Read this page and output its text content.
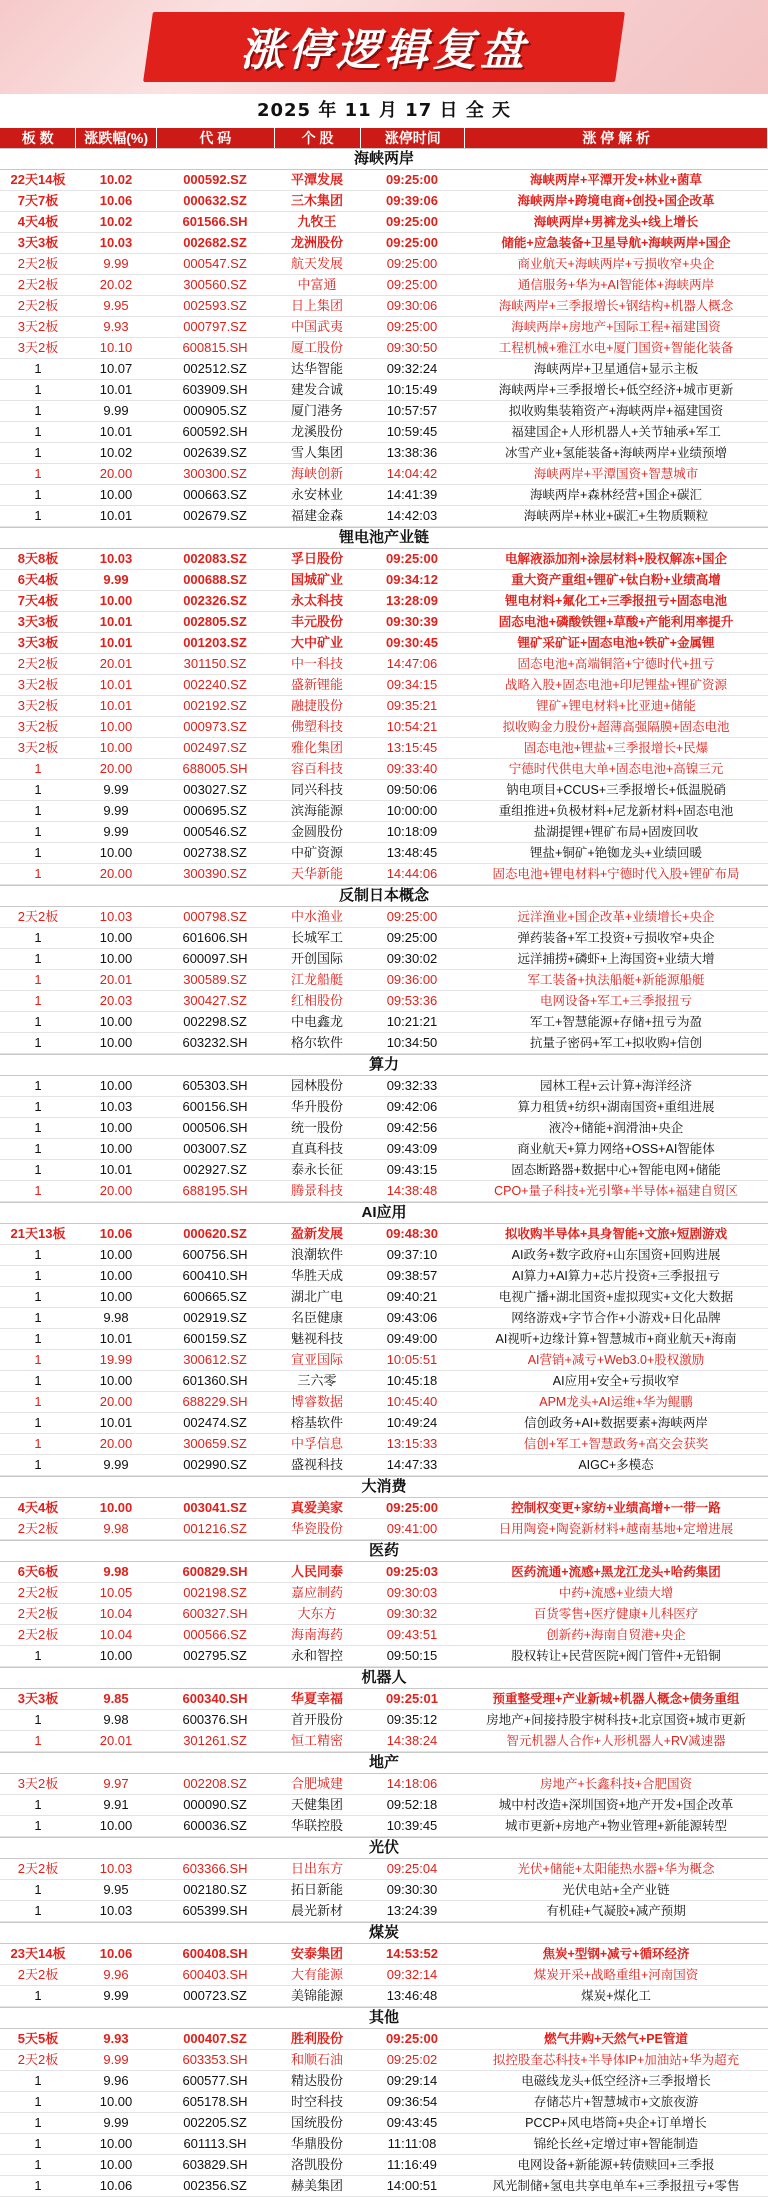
涨停逻辑复盘
2025 年 11 月 17 日 全 天
板 数	涨跌幅(%)	代 码	个 股	涨停时间	涨 停 解 析
海峡两岸
22天14板	10.02	000592.SZ	平潭发展	09:25:00	海峡两岸+平潭开发+林业+菌草
7天7板	10.06	000632.SZ	三木集团	09:39:06	海峡两岸+跨境电商+创投+国企改革
4天4板	10.02	601566.SH	九牧王	09:25:00	海峡两岸+男裤龙头+线上增长
3天3板	10.03	002682.SZ	龙洲股份	09:25:00	储能+应急装备+卫星导航+海峡两岸+国企
2天2板	9.99	000547.SZ	航天发展	09:25:00	商业航天+海峡两岸+亏损收窄+央企
2天2板	20.02	300560.SZ	中富通	09:25:00	通信服务+华为+AI智能体+海峡两岸
2天2板	9.95	002593.SZ	日上集团	09:30:06	海峡两岸+三季报增长+钢结构+机器人概念
3天2板	9.93	000797.SZ	中国武夷	09:25:00	海峡两岸+房地产+国际工程+福建国资
3天2板	10.10	600815.SH	厦工股份	09:30:50	工程机械+雅江水电+厦门国资+智能化装备
1	10.07	002512.SZ	达华智能	09:32:24	海峡两岸+卫星通信+显示主板
1	10.01	603909.SH	建发合诚	10:15:49	海峡两岸+三季报增长+低空经济+城市更新
1	9.99	000905.SZ	厦门港务	10:57:57	拟收购集装箱资产+海峡两岸+福建国资
1	10.01	600592.SH	龙溪股份	10:59:45	福建国企+人形机器人+关节轴承+军工
1	10.02	002639.SZ	雪人集团	13:38:36	冰雪产业+氢能装备+海峡两岸+业绩预增
1	20.00	300300.SZ	海峡创新	14:04:42	海峡两岸+平潭国资+智慧城市
1	10.00	000663.SZ	永安林业	14:41:39	海峡两岸+森林经营+国企+碳汇
1	10.01	002679.SZ	福建金森	14:42:03	海峡两岸+林业+碳汇+生物质颗粒
锂电池产业链
8天8板	10.03	002083.SZ	孚日股份	09:25:00	电解液添加剂+涂层材料+股权解冻+国企
6天4板	9.99	000688.SZ	国城矿业	09:34:12	重大资产重组+锂矿+钛白粉+业绩高增
7天4板	10.00	002326.SZ	永太科技	13:28:09	锂电材料+氟化工+三季报扭亏+固态电池
3天3板	10.01	002805.SZ	丰元股份	09:30:39	固态电池+磷酸铁锂+草酸+产能利用率提升
3天3板	10.01	001203.SZ	大中矿业	09:30:45	锂矿采矿证+固态电池+铁矿+金属锂
2天2板	20.01	301150.SZ	中一科技	14:47:06	固态电池+高端铜箔+宁德时代+扭亏
3天2板	10.01	002240.SZ	盛新锂能	09:34:15	战略入股+固态电池+印尼锂盐+锂矿资源
3天2板	10.01	002192.SZ	融捷股份	09:35:21	锂矿+锂电材料+比亚迪+储能
3天2板	10.00	000973.SZ	佛塑科技	10:54:21	拟收购金力股份+超薄高强隔膜+固态电池
3天2板	10.00	002497.SZ	雅化集团	13:15:45	固态电池+锂盐+三季报增长+民爆
1	20.00	688005.SH	容百科技	09:33:40	宁德时代供电大单+固态电池+高镍三元
1	9.99	003027.SZ	同兴科技	09:50:06	钠电项目+CCUS+三季报增长+低温脱硝
1	9.99	000695.SZ	滨海能源	10:00:00	重组推进+负极材料+尼龙新材料+固态电池
1	9.99	000546.SZ	金圆股份	10:18:09	盐湖提锂+锂矿布局+固废回收
1	10.00	002738.SZ	中矿资源	13:48:45	锂盐+铜矿+铯铷龙头+业绩回暖
1	20.00	300390.SZ	天华新能	14:44:06	固态电池+锂电材料+宁德时代入股+锂矿布局
反制日本概念
2天2板	10.03	000798.SZ	中水渔业	09:25:00	远洋渔业+国企改革+业绩增长+央企
1	10.00	601606.SH	长城军工	09:25:00	弹药装备+军工投资+亏损收窄+央企
1	10.00	600097.SH	开创国际	09:30:02	远洋捕捞+磷虾+上海国资+业绩大增
1	20.01	300589.SZ	江龙船艇	09:36:00	军工装备+执法船艇+新能源船艇
1	20.03	300427.SZ	红相股份	09:53:36	电网设备+军工+三季报扭亏
1	10.00	002298.SZ	中电鑫龙	10:21:21	军工+智慧能源+存储+扭亏为盈
1	10.00	603232.SH	格尔软件	10:34:50	抗量子密码+军工+拟收购+信创
算力
1	10.00	605303.SH	园林股份	09:32:33	园林工程+云计算+海洋经济
1	10.03	600156.SH	华升股份	09:42:06	算力租赁+纺织+湖南国资+重组进展
1	10.00	000506.SH	统一股份	09:42:56	液冷+储能+润滑油+央企
1	10.00	003007.SZ	直真科技	09:43:09	商业航天+算力网络+OSS+AI智能体
1	10.01	002927.SZ	泰永长征	09:43:15	固态断路器+数据中心+智能电网+储能
1	20.00	688195.SH	腾景科技	14:38:48	CPO+量子科技+光引擎+半导体+福建自贸区
AI应用
21天13板	10.06	000620.SZ	盈新发展	09:48:30	拟收购半导体+具身智能+文旅+短剧游戏
1	10.00	600756.SH	浪潮软件	09:37:10	AI政务+数字政府+山东国资+回购进展
1	10.00	600410.SH	华胜天成	09:38:57	AI算力+AI算力+芯片投资+三季报扭亏
1	10.00	600665.SZ	湖北广电	09:40:21	电视广播+湖北国资+虚拟现实+文化大数据
1	9.98	002919.SZ	名臣健康	09:43:06	网络游戏+字节合作+小游戏+日化品牌
1	10.01	600159.SZ	魅视科技	09:49:00	AI视听+边缘计算+智慧城市+商业航天+海南
1	19.99	300612.SZ	宣亚国际	10:05:51	AI营销+减亏+Web3.0+股权激励
1	10.00	601360.SH	三六零	10:45:18	AI应用+安全+亏损收窄
1	20.00	688229.SH	博睿数据	10:45:40	APM龙头+AI运维+华为鲲鹏
1	10.01	002474.SZ	榕基软件	10:49:24	信创政务+AI+数据要素+海峡两岸
1	20.00	300659.SZ	中孚信息	13:15:33	信创+军工+智慧政务+高交会获奖
1	9.99	002990.SZ	盛视科技	14:47:33	AIGC+多模态
大消费
4天4板	10.00	003041.SZ	真爱美家	09:25:00	控制权变更+家纺+业绩高增+一带一路
2天2板	9.98	001216.SZ	华瓷股份	09:41:00	日用陶瓷+陶瓷新材料+越南基地+定增进展
医药
6天6板	9.98	600829.SH	人民同泰	09:25:03	医药流通+流感+黑龙江龙头+哈药集团
2天2板	10.05	002198.SZ	嘉应制药	09:30:03	中药+流感+业绩大增
2天2板	10.04	600327.SH	大东方	09:30:32	百货零售+医疗健康+儿科医疗
2天2板	10.04	000566.SZ	海南海药	09:43:51	创新药+海南自贸港+央企
1	10.00	002795.SZ	永和智控	09:50:15	股权转让+民营医院+阀门管件+无铅铜
机器人
3天3板	9.85	600340.SH	华夏幸福	09:25:01	预重整受理+产业新城+机器人概念+债务重组
1	9.98	600376.SH	首开股份	09:35:12	房地产+间接持股宇树科技+北京国资+城市更新
1	20.01	301261.SZ	恒工精密	14:38:24	智元机器人合作+人形机器人+RV减速器
地产
3天2板	9.97	002208.SZ	合肥城建	14:18:06	房地产+长鑫科技+合肥国资
1	9.91	000090.SZ	天健集团	09:52:18	城中村改造+深圳国资+地产开发+国企改革
1	10.00	600036.SZ	华联控股	10:39:45	城市更新+房地产+物业管理+新能源转型
光伏
2天2板	10.03	603366.SH	日出东方	09:25:04	光伏+储能+太阳能热水器+华为概念
1	9.95	002180.SZ	拓日新能	09:30:30	光伏电站+全产业链
1	10.03	605399.SH	晨光新材	13:24:39	有机硅+气凝胶+减产预期
煤炭
23天14板	10.06	600408.SH	安泰集团	14:53:52	焦炭+型钢+减亏+循环经济
2天2板	9.96	600403.SH	大有能源	09:32:14	煤炭开采+战略重组+河南国资
1	9.99	000723.SZ	美锦能源	13:46:48	煤炭+煤化工
其他
5天5板	9.93	000407.SZ	胜利股份	09:25:00	燃气井购+天然气+PE管道
2天2板	9.99	603353.SH	和顺石油	09:25:02	拟控股奎芯科技+半导体IP+加油站+华为超充
1	9.96	600577.SH	精达股份	09:29:14	电磁线龙头+低空经济+三季报增长
1	10.00	605178.SH	时空科技	09:36:54	存储芯片+智慧城市+文旅夜游
1	9.99	002205.SZ	国统股份	09:43:45	PCCP+风电塔筒+央企+订单增长
1	10.00	601113.SH	华鼎股份	11:11:08	锦纶长丝+定增过审+智能制造
1	10.00	603829.SH	洛凯股份	11:16:49	电网设备+新能源+转债赎回+三季报
1	10.06	002356.SZ	赫美集团	14:00:51	风光制储+氢电共享电单车+三季报扭亏+零售
